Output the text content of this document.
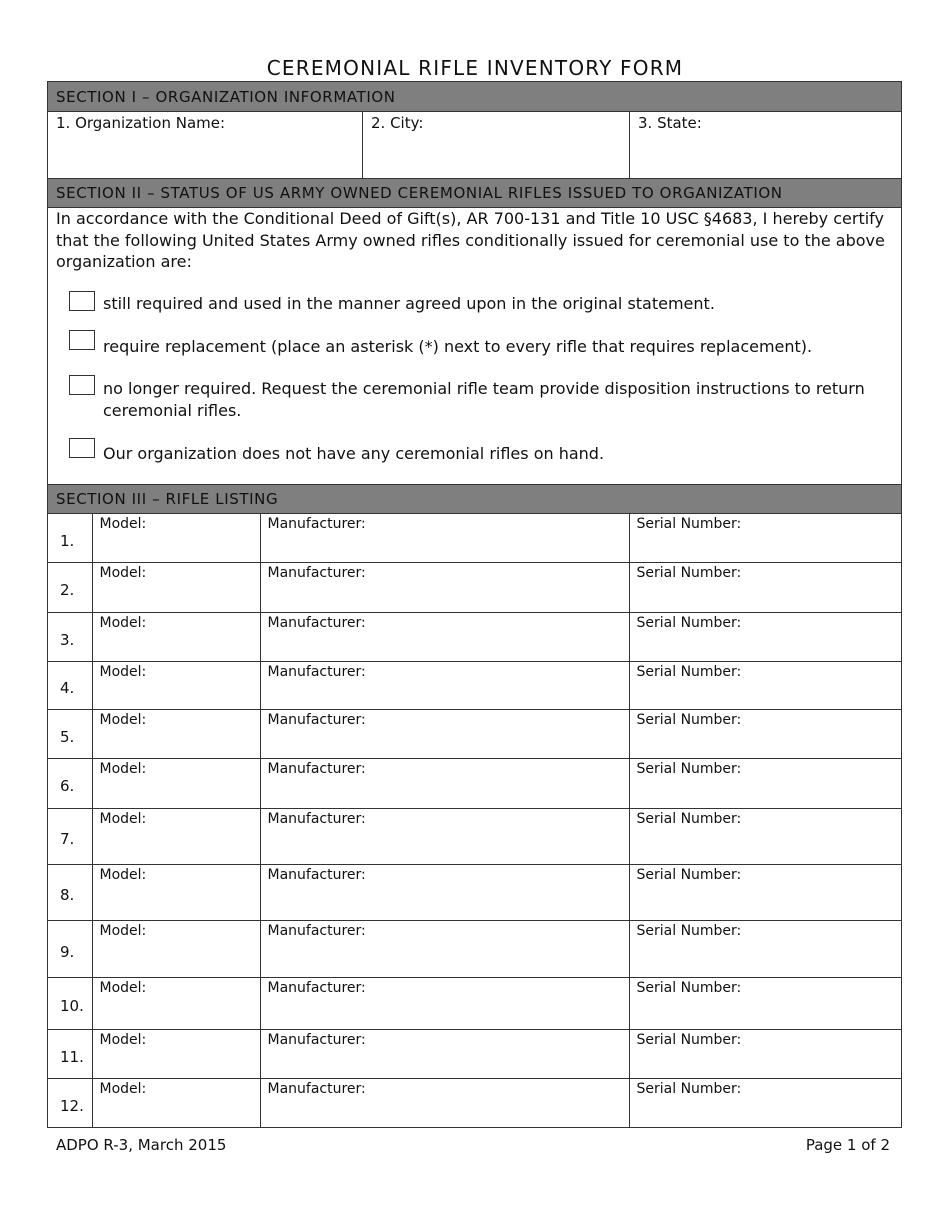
CEREMONIAL RIFLE INVENTORY FORM
SECTION I – ORGANIZATION INFORMATION
1. Organization Name:	2. City:	3. State:
SECTION II – STATUS OF US ARMY OWNED CEREMONIAL RIFLES ISSUED TO ORGANIZATION

In accordance with the Conditional Deed of Gift(s), AR 700-131 and Title 10 USC §4683, I hereby certify that the following United States Army owned rifles conditionally issued for ceremonial use to the above organization are:

still required and used in the manner agreed upon in the original statement.
require replacement (place an asterisk (*) next to every rifle that requires replacement).
no longer required. Request the ceremonial rifle team provide disposition instructions to return ceremonial rifles.
Our organization does not have any ceremonial rifles on hand.
SECTION III – RIFLE LISTING
1.	Model:	Manufacturer:	Serial Number:
2.	Model:	Manufacturer:	Serial Number:
3.	Model:	Manufacturer:	Serial Number:
4.	Model:	Manufacturer:	Serial Number:
5.	Model:	Manufacturer:	Serial Number:
6.	Model:	Manufacturer:	Serial Number:
7.	Model:	Manufacturer:	Serial Number:
8.	Model:	Manufacturer:	Serial Number:
9.	Model:	Manufacturer:	Serial Number:
10.	Model:	Manufacturer:	Serial Number:
11.	Model:	Manufacturer:	Serial Number:
12.	Model:	Manufacturer:	Serial Number:
ADPO R-3, March 2015	Page 1 of 2
